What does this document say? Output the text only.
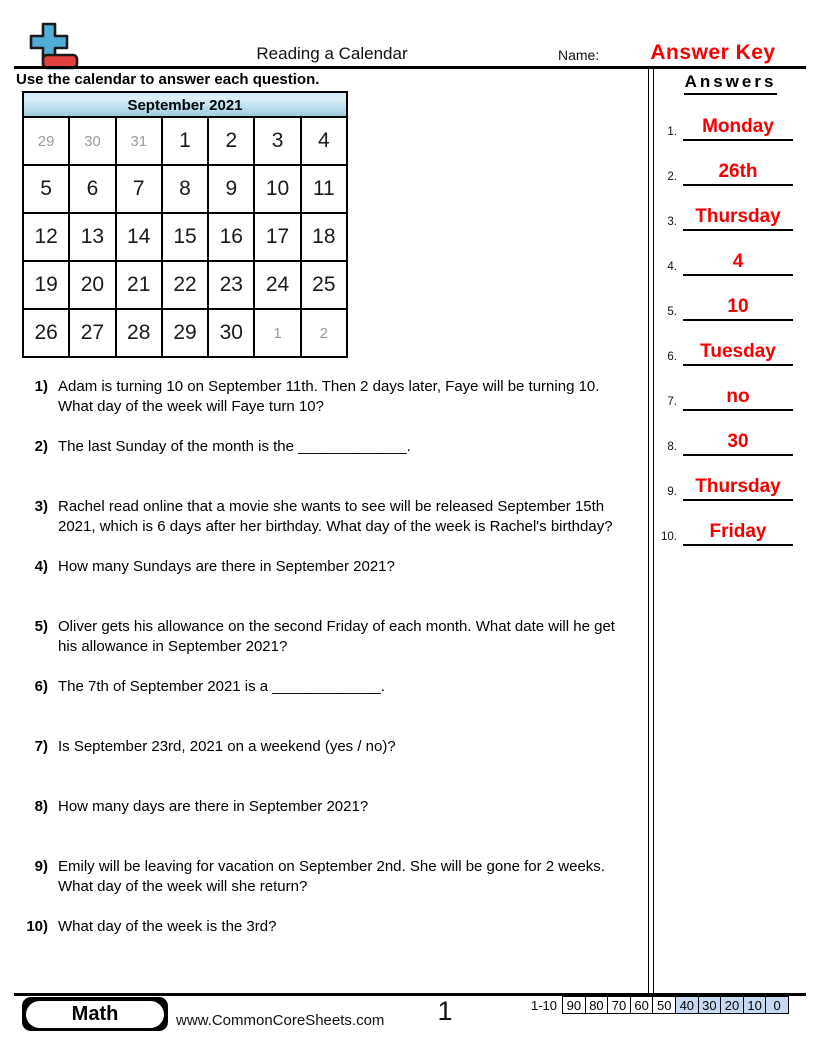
Reading a Calendar	Name:	Answer Key
Use the calendar to answer each question.
September 2021
29	30	31	1	2	3	4
5	6	7	8	9	10	11
12	13	14	15	16	17	18
19	20	21	22	23	24	25
26	27	28	29	30	1	2
1) Adam is turning 10 on September 11th. Then 2 days later, Faye will be turning 10. What day of the week will Faye turn 10?
2) The last Sunday of the month is the _____________.
3) Rachel read online that a movie she wants to see will be released September 15th 2021, which is 6 days after her birthday. What day of the week is Rachel's birthday?
4) How many Sundays are there in September 2021?
5) Oliver gets his allowance on the second Friday of each month. What date will he get his allowance in September 2021?
6) The 7th of September 2021 is a _____________.
7) Is September 23rd, 2021 on a weekend (yes / no)?
8) How many days are there in September 2021?
9) Emily will be leaving for vacation on September 2nd. She will be gone for 2 weeks. What day of the week will she return?
10) What day of the week is the 3rd?
Answers
1.	Monday
2.	26th
3. Thursday
4.	4
5.	10
6.	Tuesday
7.	no
8.	30
9. Thursday
10.	Friday
Math	www.CommonCoreSheets.com	1	1-10 90 80 70 60 50 40 30 20 10 0
